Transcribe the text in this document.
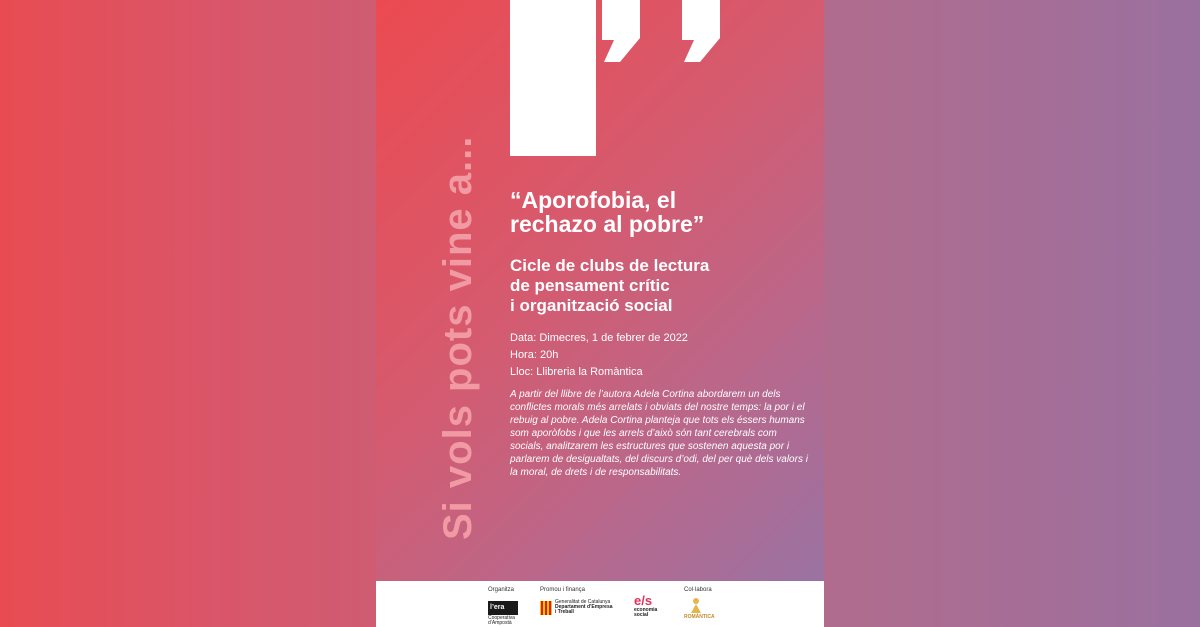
Si vols pots vine a... “Aporofobia, el
rechazo al pobre”
Cicle de clubs de lectura
de pensament crític
i organització social
Data: Dimecres, 1 de febrer de 2022
Hora: 20h
Lloc: Llibreria la Romàntica

A partir del llibre de l’autora Adela Cortina abordarem un dels conflictes morals més arrelats i obviats del nostre temps: la por i el rebuig al pobre. Adela Cortina planteja que tots els éssers humans som aporòfobs i que les arrels d’això són tant cerebrals com socials, analitzarem les estructures que sostenen aquesta por i parlarem de desigualtats, del discurs d’odi, del per què dels valors i la moral, de drets i de responsabilitats.

Organitza
l’era
Cooperativa d’Ampostà
Promou i finança
Generalitat de Catalunya
Departament d’Empresa
i Treball
e/s
economia
social
Col·labora
ROMÀNTICA
